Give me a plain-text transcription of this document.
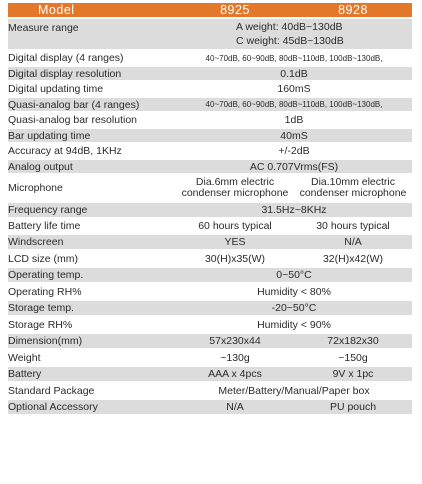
Model	8925	8928
Measure range	A weight: 40dB~130dB
C weight: 45dB~130dB	

Digital display (4 ranges)	40~70dB, 60~90dB, 80dB~110dB, 100dB~130dB,	
Digital display resolution	0.1dB	
Digital updating time	160mS	
Quasi-analog bar (4 ranges)	40~70dB, 60~90dB, 80dB~110dB, 100dB~130dB,	
Quasi-analog bar resolution	1dB	
Bar updating time	40mS	
Accuracy at 94dB, 1KHz	+/-2dB	
Analog output	AC 0.707Vrms(FS)	
Microphone	Dia.6mm electric condenser microphone	Dia.10mm electric condenser microphone
Frequency range	31.5Hz~8KHz	
Battery life time	60 hours typical	30 hours typical
Windscreen	YES	N/A
LCD size (mm)	30(H)x35(W)	32(H)x42(W)
Operating temp.	0~50°C	
Operating RH%	Humidity < 80%	
Storage temp.	-20~50°C	
Storage RH%	Humidity < 90%	
Dimension(mm)	57x230x44	72x182x30
Weight	~130g	~150g
Battery	AAA x 4pcs	9V x 1pc
Standard Package	Meter/Battery/Manual/Paper box	
Optional Accessory	N/A	PU pouch
